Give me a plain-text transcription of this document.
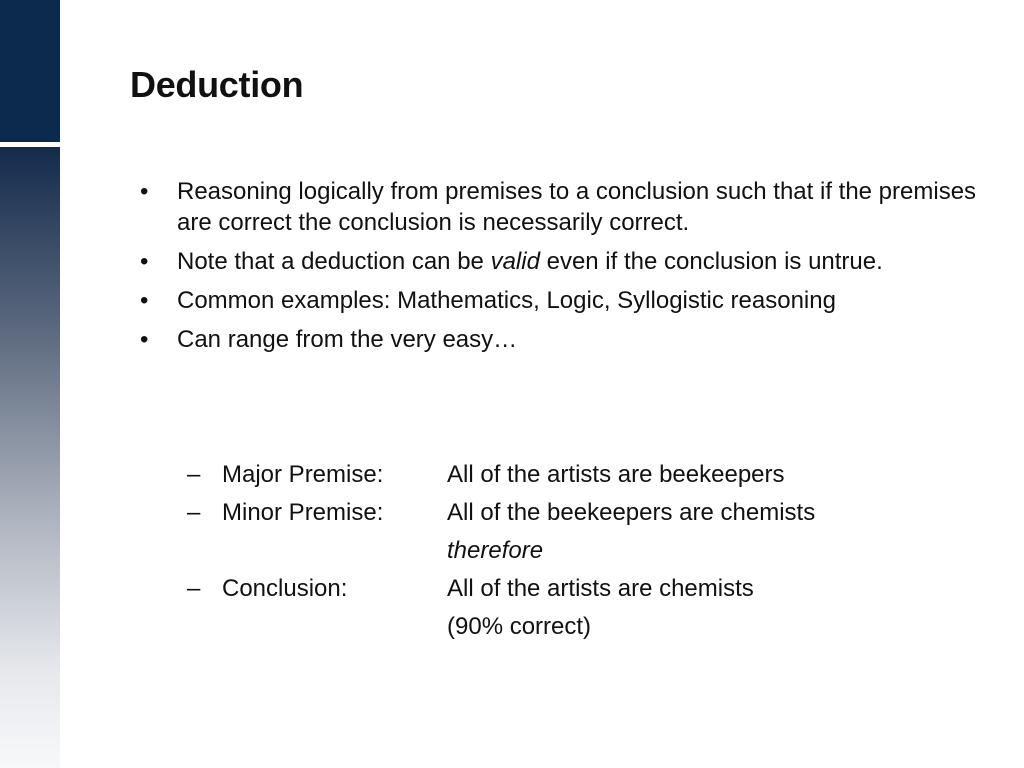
Deduction
• Reasoning logically from premises to a conclusion such that if the premises are correct the conclusion is necessarily correct.
• Note that a deduction can be valid even if the conclusion is untrue.
• Common examples: Mathematics, Logic, Syllogistic reasoning
• Can range from the very easy…
– Major Premise:	All of the artists are beekeepers
– Minor Premise:	All of the beekeepers are chemists
therefore
– Conclusion:	All of the artists are chemists
(90% correct)
